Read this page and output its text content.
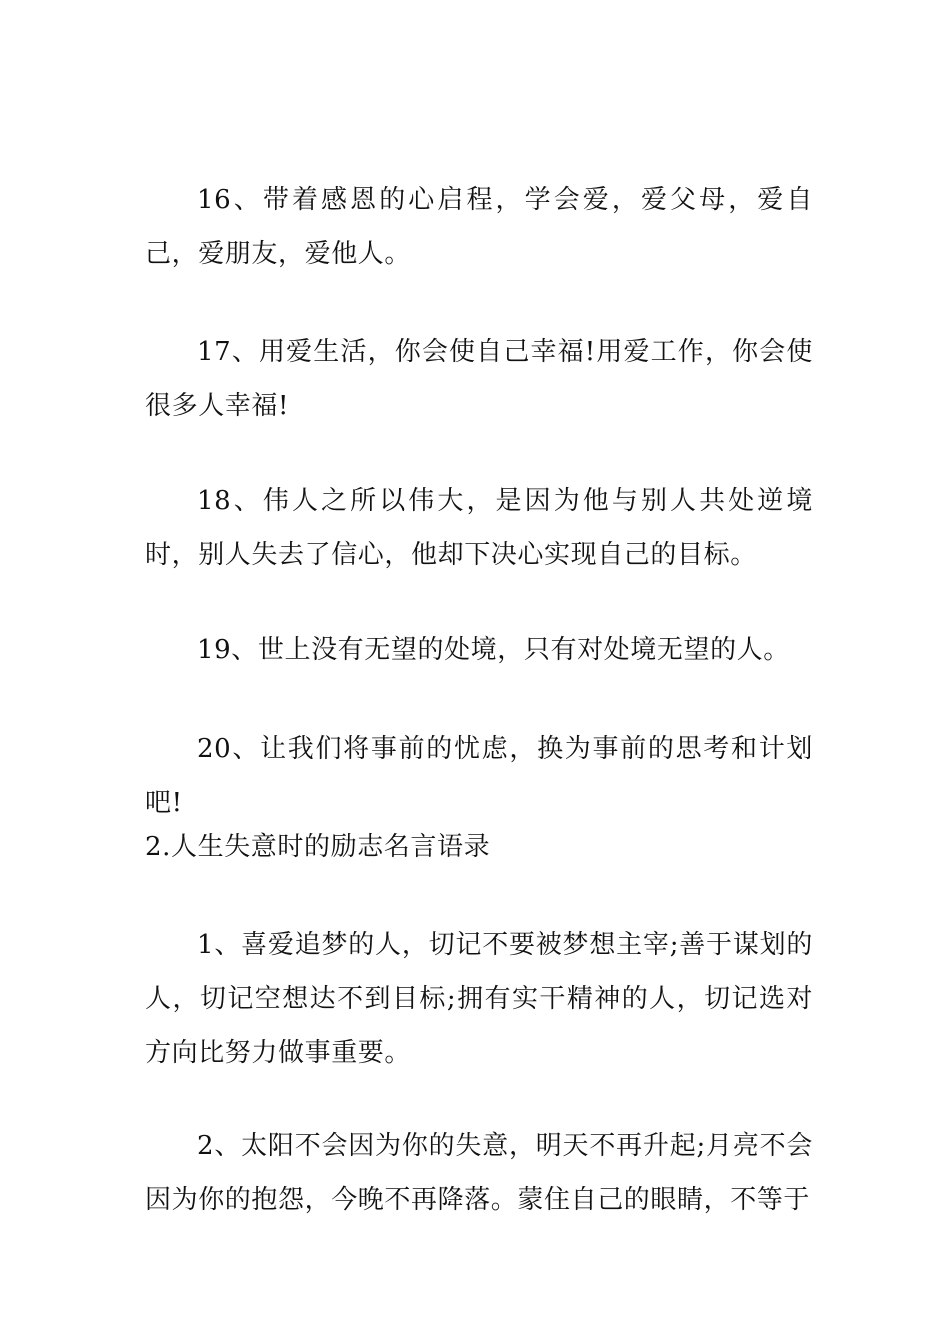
16、带着感恩的心启程，学会爱，爱父母，爱自己，爱朋友，爱他人。

17、用爱生活，你会使自己幸福!用爱工作，你会使很多人幸福!

18、伟人之所以伟大，是因为他与别人共处逆境时，别人失去了信心，他却下决心实现自己的目标。

19、世上没有无望的处境，只有对处境无望的人。

20、让我们将事前的忧虑，换为事前的思考和计划吧!

2.人生失意时的励志名言语录

1、喜爱追梦的人，切记不要被梦想主宰;善于谋划的人，切记空想达不到目标;拥有实干精神的人，切记选对方向比努力做事重要。

2、太阳不会因为你的失意，明天不再升起;月亮不会因为你的抱怨，今晚不再降落。蒙住自己的眼睛，不等于
